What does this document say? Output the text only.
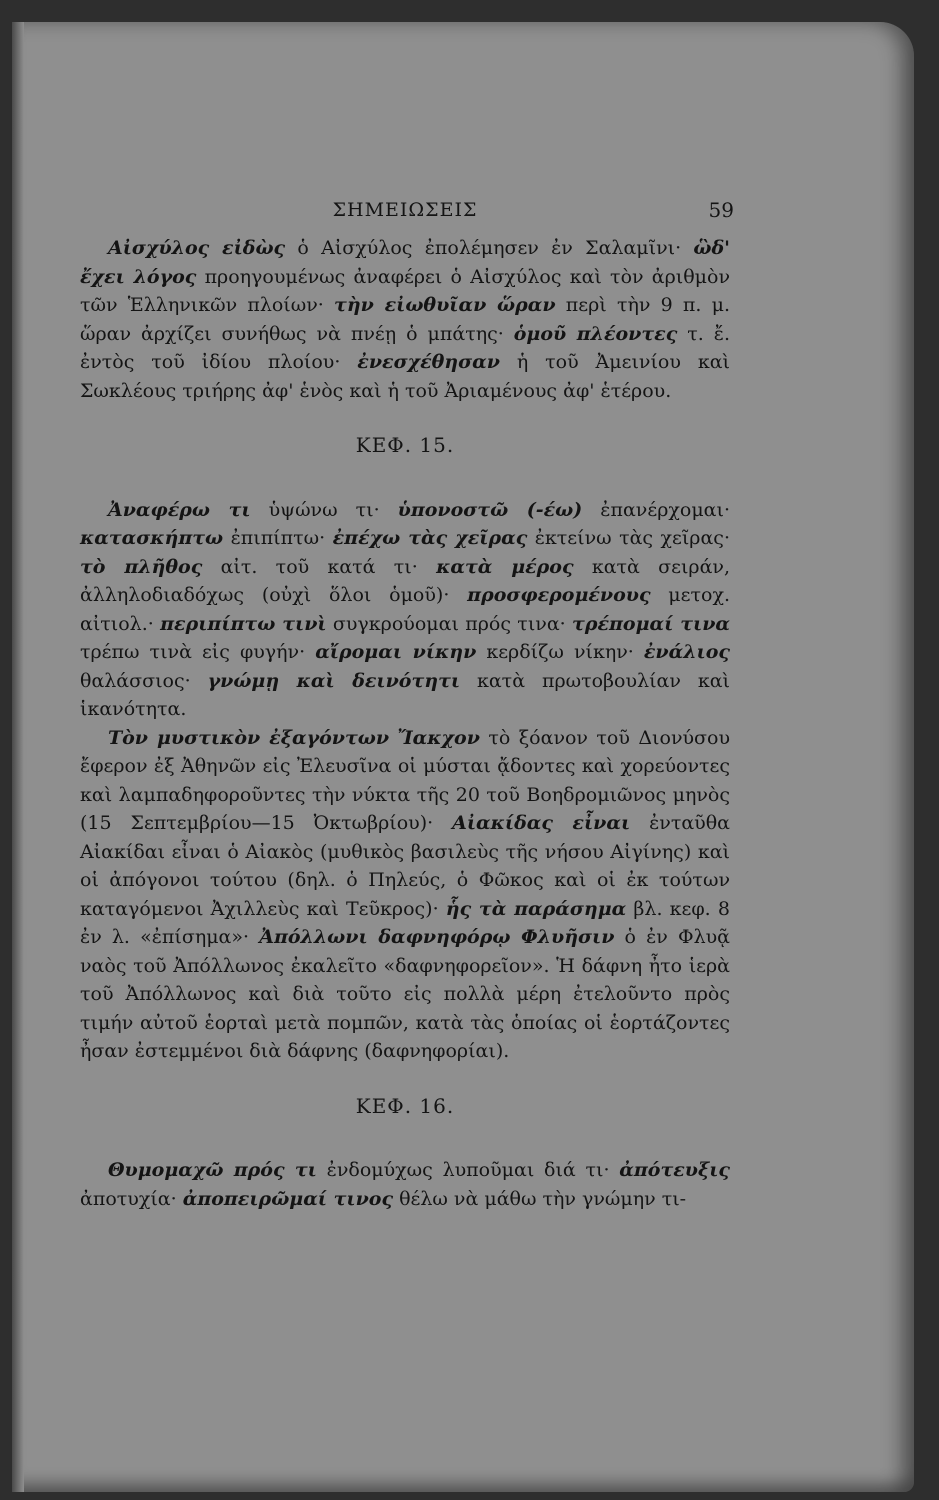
ΣΗΜΕΙΩΣΕΙΣ	59

Αἰσχύλος εἰδὼς ὁ Αἰσχύλος ἐπολέμησεν ἐν Σαλαμῖνι· ὣδ' ἔχει λόγος προηγουμένως ἀναφέρει ὁ Αἰσχύλος καὶ τὸν ἀριθμὸν τῶν Ἑλληνικῶν πλοίων· τὴν εἰωθυῖαν ὥραν περὶ τὴν 9 π. μ. ὥραν ἀρχίζει συνήθως νὰ πνέῃ ὁ μπάτης· ὁμοῦ πλέοντες τ. ἔ. ἐντὸς τοῦ ἰδίου πλοίου· ἐνεσχέθησαν ἡ τοῦ Ἀμεινίου καὶ Σωκλέους τριήρης ἀφ' ἑνὸς καὶ ἡ τοῦ Ἀριαμένους ἀφ' ἑτέρου.

ΚΕΦ. 15.

Ἀναφέρω τι ὑψώνω τι· ὑπονοστῶ (-έω) ἐπανέρχομαι· κατασκήπτω ἐπιπίπτω· ἐπέχω τὰς χεῖρας ἐκτείνω τὰς χεῖρας· τὸ πλῆθος αἰτ. τοῦ κατά τι· κατὰ μέρος κατὰ σειράν, ἀλληλοδιαδόχως (οὐχὶ ὅλοι ὁμοῦ)· προσφερομένους μετοχ. αἰτιολ.· περιπίπτω τινὶ συγκρούομαι πρός τινα· τρέπομαί τινα τρέπω τινὰ εἰς φυγήν· αἴρομαι νίκην κερδίζω νίκην· ἐνάλιος θαλάσσιος· γνώμῃ καὶ δεινότητι κατὰ πρωτοβουλίαν καὶ ἱκανότητα.

Τὸν μυστικὸν ἐξαγόντων Ἴακχον τὸ ξόανον τοῦ Διονύσου ἔφερον ἐξ Ἀθηνῶν εἰς Ἐλευσῖνα οἱ μύσται ᾄδοντες καὶ χορεύοντες καὶ λαμπαδηφοροῦντες τὴν νύκτα τῆς 20 τοῦ Βοηδρομιῶνος μηνὸς (15 Σεπτεμβρίου—15 Ὀκτωβρίου)· Αἰακίδας εἶναι ἐνταῦθα Αἰακίδαι εἶναι ὁ Αἰακὸς (μυθικὸς βασιλεὺς τῆς νήσου Αἰγίνης) καὶ οἱ ἀπόγονοι τούτου (δηλ. ὁ Πηλεύς, ὁ Φῶκος καὶ οἱ ἐκ τούτων καταγόμενοι Ἀχιλλεὺς καὶ Τεῦκρος)· ἧς τὰ παράσημα βλ. κεφ. 8 ἐν λ. «ἐπίσημα»· Ἀπόλλωνι δαφνηφόρῳ Φλυῆσιν ὁ ἐν Φλυᾷ ναὸς τοῦ Ἀπόλλωνος ἐκαλεῖτο «δαφνηφορεῖον». Ἡ δάφνη ἦτο ἱερὰ τοῦ Ἀπόλλωνος καὶ διὰ τοῦτο εἰς πολλὰ μέρη ἐτελοῦντο πρὸς τιμήν αὐτοῦ ἑορταὶ μετὰ πομπῶν, κατὰ τὰς ὁποίας οἱ ἑορτάζοντες ἦσαν ἐστεμμένοι διὰ δάφνης (δαφνηφορίαι).

ΚΕΦ. 16.

Θυμομαχῶ πρός τι ἐνδομύχως λυποῦμαι διά τι· ἀπότευξις ἀποτυχία· ἀποπειρῶμαί τινος θέλω νὰ μάθω τὴν γνώμην τι-
